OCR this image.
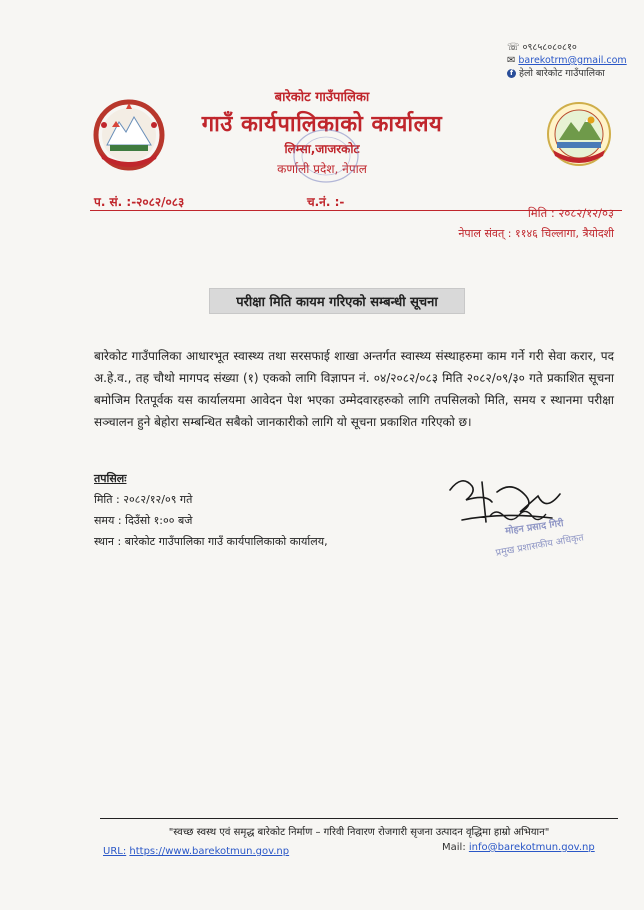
☏ ०९८५८०८०८१०
✉ barekotrm@gmail.com
f हेलो बारेकोट गाउँपालिका
बारेकोट गाउँपालिका
गाउँ कार्यपालिकाको कार्यालय
लिम्सा,जाजरकोट
कर्णाली प्रदेश, नेपाल
प. सं. :-२०८२/०८३	च.नं. :-
मिति : २०८२/१२/०३
नेपाल संवत् : ११४६ चिल्लागा, त्रैयोदशी
परीक्षा मिति कायम गरिएको सम्बन्धी सूचना
बारेकोट गाउँपालिका आधारभूत स्वास्थ्य तथा सरसफाई शाखा अन्तर्गत स्वास्थ्य संस्थाहरुमा काम गर्ने गरी सेवा करार, पद अ.हे.व., तह चौथो मागपद संख्या (१) एकको लागि विज्ञापन नं. ०४/२०८२/०८३ मिति २०८२/०९/३० गते प्रकाशित सूचना बमोजिम रितपूर्वक यस कार्यालयमा आवेदन पेश भएका उम्मेदवारहरुको लागि तपसिलको मिति, समय र स्थानमा परीक्षा सञ्चालन हुने बेहोरा सम्बन्धित सबैको जानकारीको लागि यो सूचना प्रकाशित गरिएको छ।
तपसिलः
मिति : २०८२/१२/०९ गते
समय : दिउँसो १:०० बजे
स्थान : बारेकोट गाउँपालिका गाउँ कार्यपालिकाको कार्यालय,
मोहन प्रसाद गिरी
प्रमुख प्रशासकीय अधिकृत
"स्वच्छ स्वस्थ एवं समृद्ध बारेकोट निर्माण – गरिवी निवारण रोजगारी सृजना उत्पादन वृद्धिमा हाम्रो अभियान"
URL: https://www.barekotmun.gov.np	Mail: info@barekotmun.gov.np
